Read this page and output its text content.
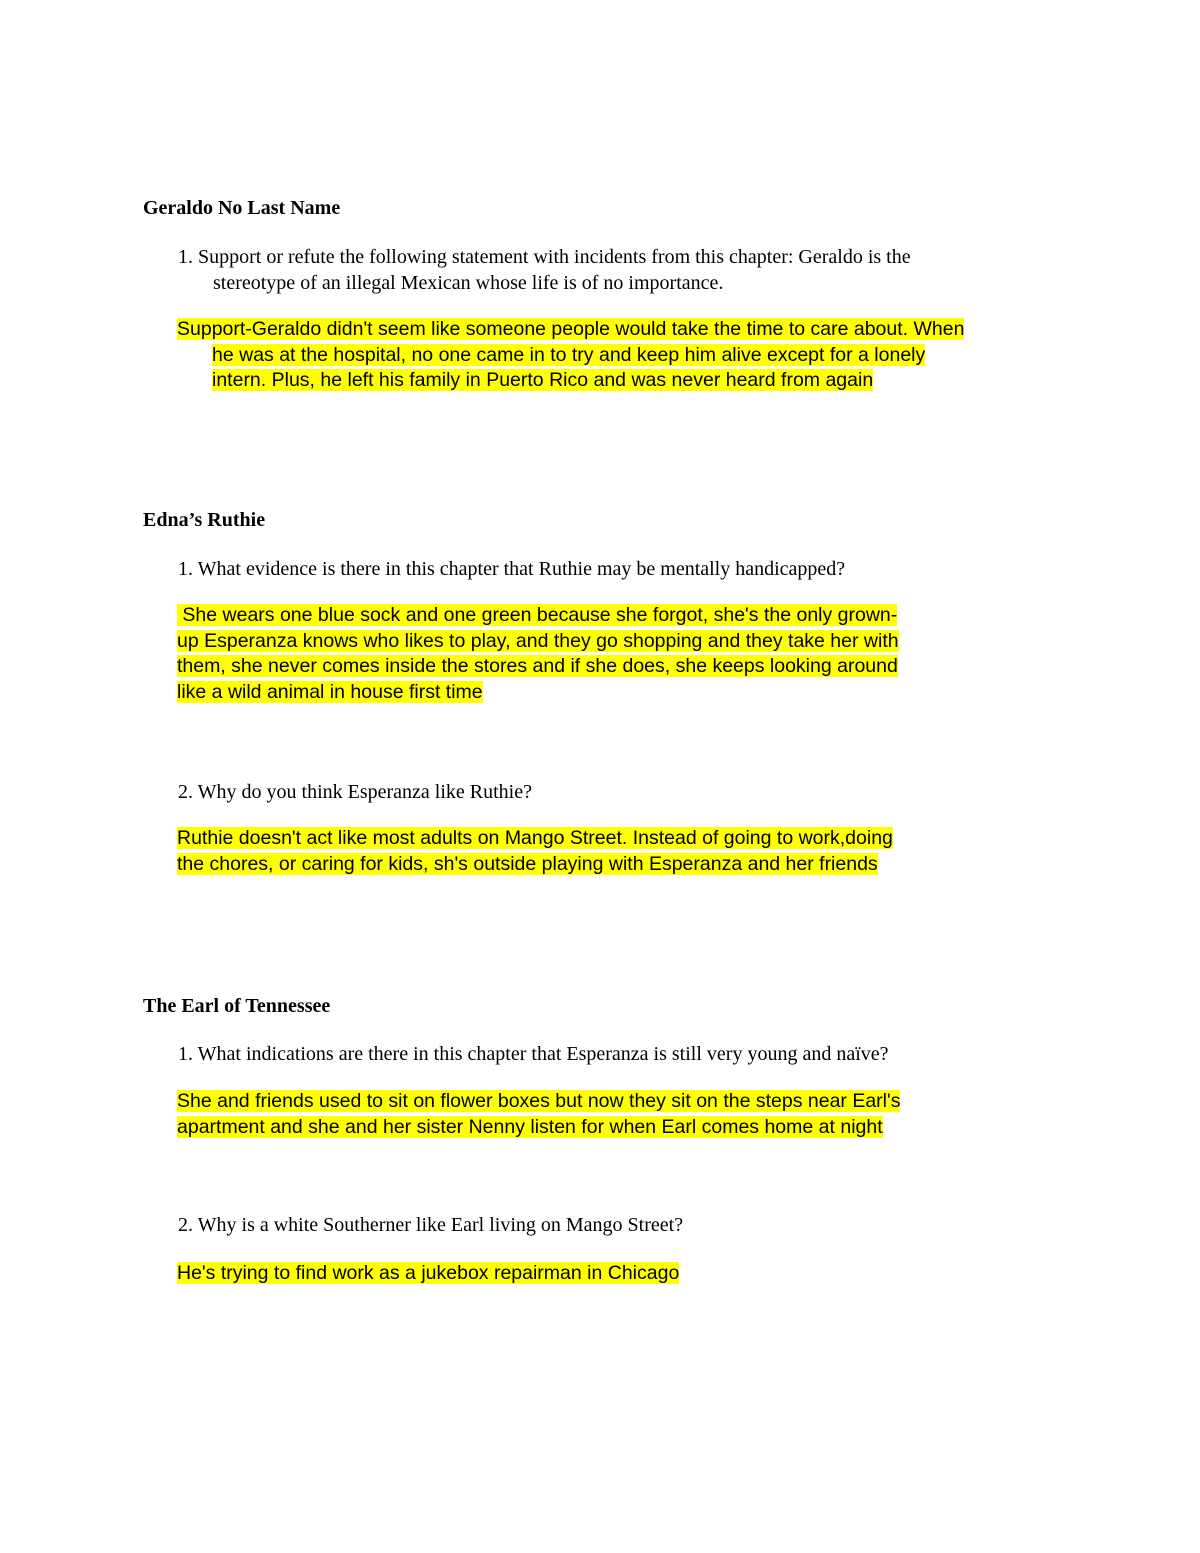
Geraldo No Last Name

1. Support or refute the following statement with incidents from this chapter: Geraldo is the
stereotype of an illegal Mexican whose life is of no importance.

Support-Geraldo didn't seem like someone people would take the time to care about. When
he was at the hospital, no one came in to try and keep him alive except for a lonely
intern. Plus, he left his family in Puerto Rico and was never heard from again

Edna’s Ruthie

1. What evidence is there in this chapter that Ruthie may be mentally handicapped?

She wears one blue sock and one green because she forgot, she's the only grown-
up Esperanza knows who likes to play, and they go shopping and they take her with
them, she never comes inside the stores and if she does, she keeps looking around
like a wild animal in house first time

2. Why do you think Esperanza like Ruthie?

Ruthie doesn't act like most adults on Mango Street. Instead of going to work,doing
the chores, or caring for kids, sh's outside playing with Esperanza and her friends

The Earl of Tennessee

1. What indications are there in this chapter that Esperanza is still very young and naïve?

She and friends used to sit on flower boxes but now they sit on the steps near Earl's
apartment and she and her sister Nenny listen for when Earl comes home at night

2. Why is a white Southerner like Earl living on Mango Street?

He's trying to find work as a jukebox repairman in Chicago
